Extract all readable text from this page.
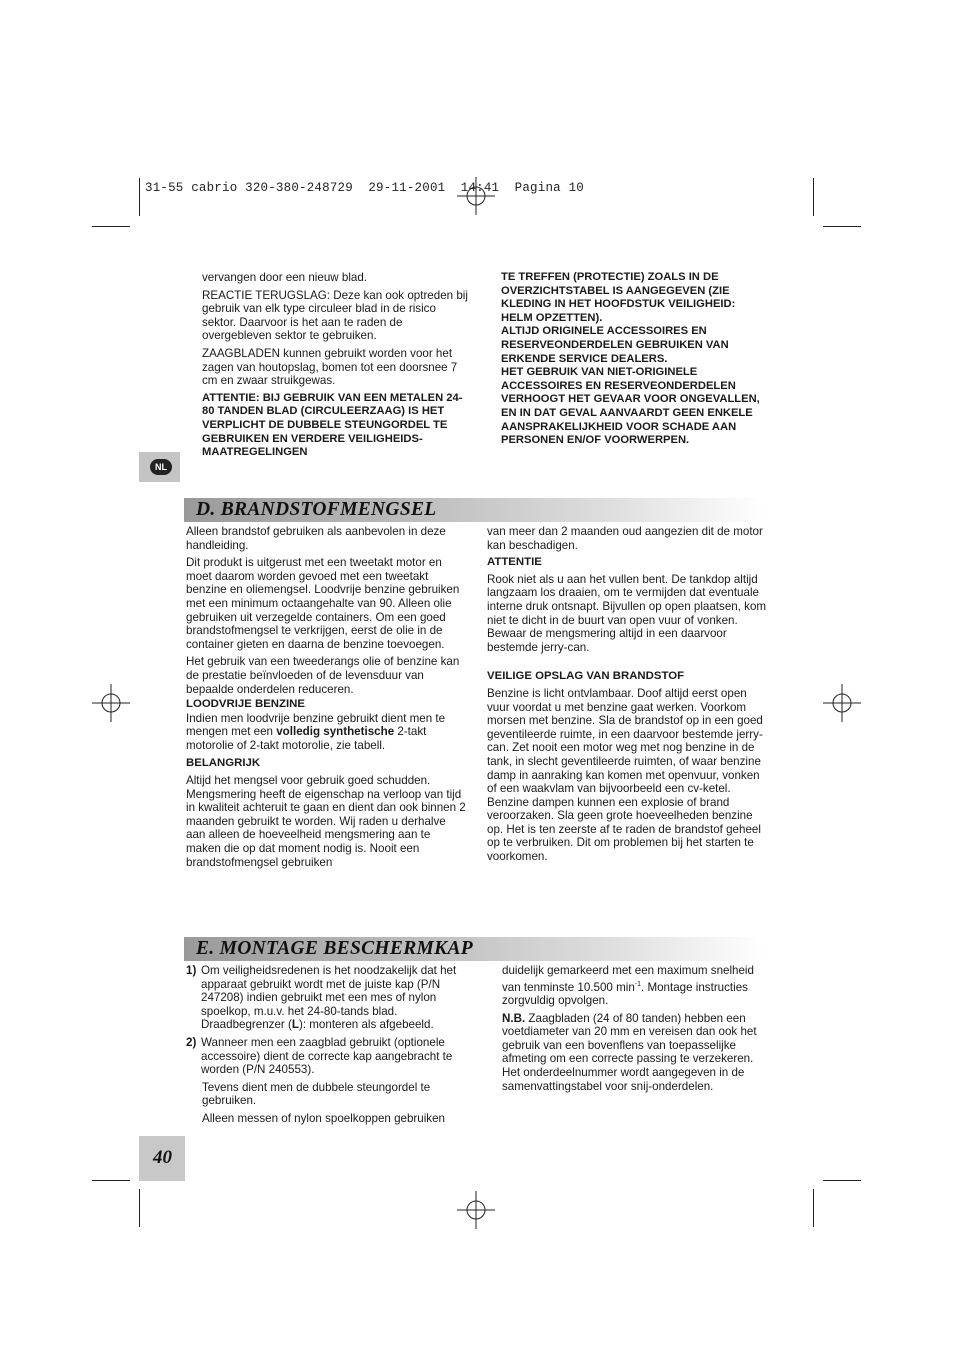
31-55 cabrio 320-380-248729  29-11-2001  14:41  Pagina 10
NL

vervangen door een nieuw blad.

REACTIE TERUGSLAG: Deze kan ook optreden bij gebruik van elk type circuleer blad in de risico sektor. Daarvoor is het aan te raden de overgebleven sektor te gebruiken.

ZAAGBLADEN kunnen gebruikt worden voor het zagen van houtopslag, bomen tot een doorsnee 7 cm en zwaar struikgewas.

ATTENTIE: BIJ GEBRUIK VAN EEN METALEN 24-80 TANDEN BLAD (CIRCULEERZAAG) IS HET VERPLICHT DE DUBBELE STEUNGORDEL TE GEBRUIKEN EN VERDERE VEILIGHEIDS-MAATREGELINGEN

TE TREFFEN (PROTECTIE) ZOALS IN DE OVERZICHTSTABEL IS AANGEGEVEN (ZIE KLEDING IN HET HOOFDSTUK VEILIGHEID: HELM OPZETTEN).
ALTIJD ORIGINELE ACCESSOIRES EN RESERVEONDERDELEN GEBRUIKEN VAN ERKENDE SERVICE DEALERS.
HET GEBRUIK VAN NIET-ORIGINELE ACCESSOIRES EN RESERVEONDERDELEN VERHOOGT HET GEVAAR VOOR ONGEVALLEN, EN IN DAT GEVAL AANVAARDT GEEN ENKELE AANSPRAKELIJKHEID VOOR SCHADE AAN PERSONEN EN/OF VOORWERPEN.
D. BRANDSTOFMENGSEL

Alleen brandstof gebruiken als aanbevolen in deze handleiding.

Dit produkt is uitgerust met een tweetakt motor en moet daarom worden gevoed met een tweetakt benzine en oliemengsel. Loodvrije benzine gebruiken met een minimum octaangehalte van 90. Alleen olie gebruiken uit verzegelde containers. Om een goed brandstofmengsel te verkrijgen, eerst de olie in de container gieten en daarna de benzine toevoegen.

Het gebruik van een tweederangs olie of benzine kan de prestatie beïnvloeden of de levensduur van bepaalde onderdelen reduceren.

LOODVRIJE BENZINE

Indien men loodvrije benzine gebruikt dient men te mengen met een volledig synthetische 2-takt motorolie of 2-takt motorolie, zie tabell.

BELANGRIJK

Altijd het mengsel voor gebruik goed schudden. Mengsmering heeft de eigenschap na verloop van tijd in kwaliteit achteruit te gaan en dient dan ook binnen 2 maanden gebruikt te worden. Wij raden u derhalve aan alleen de hoeveelheid mengsmering aan te maken die op dat moment nodig is. Nooit een brandstofmengsel gebruiken

van meer dan 2 maanden oud aangezien dit de motor kan beschadigen.

ATTENTIE

Rook niet als u aan het vullen bent. De tankdop altijd langzaam los draaien, om te vermijden dat eventuale interne druk ontsnapt. Bijvullen op open plaatsen, kom niet te dicht in de buurt van open vuur of vonken. Bewaar de mengsmering altijd in een daarvoor bestemde jerry-can.

VEILIGE OPSLAG VAN BRANDSTOF

Benzine is licht ontvlambaar. Doof altijd eerst open vuur voordat u met benzine gaat werken. Voorkom morsen met benzine. Sla de brandstof op in een goed geventileerde ruimte, in een daarvoor bestemde jerry-can. Zet nooit een motor weg met nog benzine in de tank, in slecht geventileerde ruimten, of waar benzine damp in aanraking kan komen met openvuur, vonken of een waakvlam van bijvoorbeeld een cv-ketel. Benzine dampen kunnen een explosie of brand veroorzaken. Sla geen grote hoeveelheden benzine op. Het is ten zeerste af te raden de brandstof geheel op te verbruiken. Dit om problemen bij het starten te voorkomen.

E. MONTAGE BESCHERMKAP
1) Om veiligheidsredenen is het noodzakelijk dat het apparaat gebruikt wordt met de juiste kap (P/N 247208) indien gebruikt met een mes of nylon spoelkop, m.u.v. het 24-80-tands blad. Draadbegrenzer (L): monteren als afgebeeld.
2) Wanneer men een zaagblad gebruikt (optionele accessoire) dient de correcte kap aangebracht te worden (P/N 240553).

Tevens dient men de dubbele steungordel te gebruiken.

Alleen messen of nylon spoelkoppen gebruiken

duidelijk gemarkeerd met een maximum snelheid van tenminste 10.500 $\min^{-1}$. Montage instructies zorgvuldig opvolgen.

N.B. Zaagbladen (24 of 80 tanden) hebben een voetdiameter van 20 mm en vereisen dan ook het gebruik van een bovenflens van toepasselijke afmeting om een correcte passing te verzekeren. Het onderdeelnummer wordt aangegeven in de samenvattingstabel voor snij-onderdelen.

40
